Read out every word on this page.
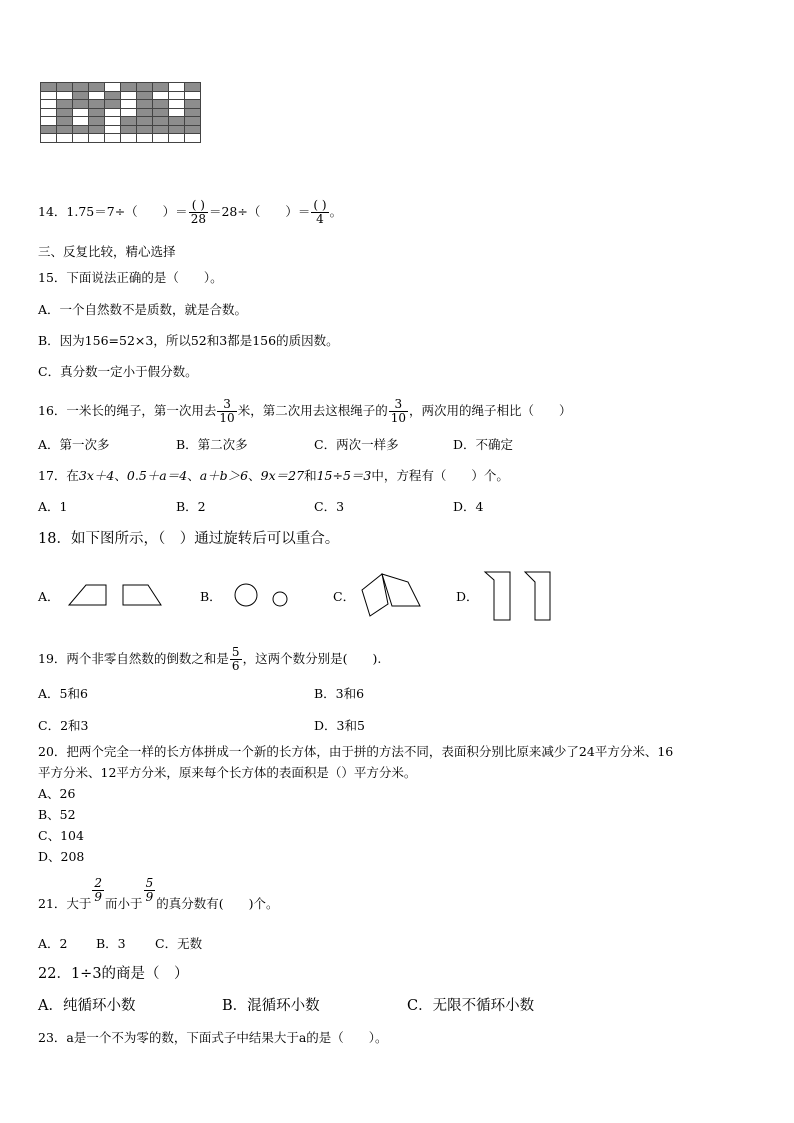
14．1.75＝7÷（　　）＝ $\frac{( )}{28} =28\div$（　　）＝ $\frac{( )}{4}$ 。
三、反复比较，精心选择
15．下面说法正确的是（　　）。
A．一个自然数不是质数，就是合数。
B．因为156=52×3，所以52和3都是156的质因数。
C．真分数一定小于假分数。
16．一米长的绳子，第一次用去 $\frac{3}{10}$ 米，第二次用去这根绳子的 $\frac{3}{10}$ ，两次用的绳子相比（　　）
A．第一次多	B．第二次多	C．两次一样多	D．不确定
17．在3x＋4、0.5＋a＝4、a＋b＞6、9x＝27和15÷5＝3中，方程有（　　）个。
A．1	B．2	C．3	D．4
18．如下图所示，（　）通过旋转后可以重合。
A．	B．	C．	D．
19．两个非零自然数的倒数之和是 $\frac{5}{6}$ ，这两个数分别是(　　).
A．5和6	B．3和6
C．2和3	D．3和5
20．把两个完全一样的长方体拼成一个新的长方体，由于拼的方法不同，表面积分别比原来减少了24平方分米、16
平方分米、12平方分米，原来每个长方体的表面积是（）平方分米。
A、26
B、52
C、104
D、208
21．大于 $\frac{2}{9}$ 而小于 $\frac{5}{9}$ 的真分数有(　　)个。
A．2 B．3 C．无数
22．1÷3的商是（　）
A．纯循环小数	B．混循环小数	C．无限不循环小数
23．a是一个不为零的数，下面式子中结果大于a的是（　　）。
